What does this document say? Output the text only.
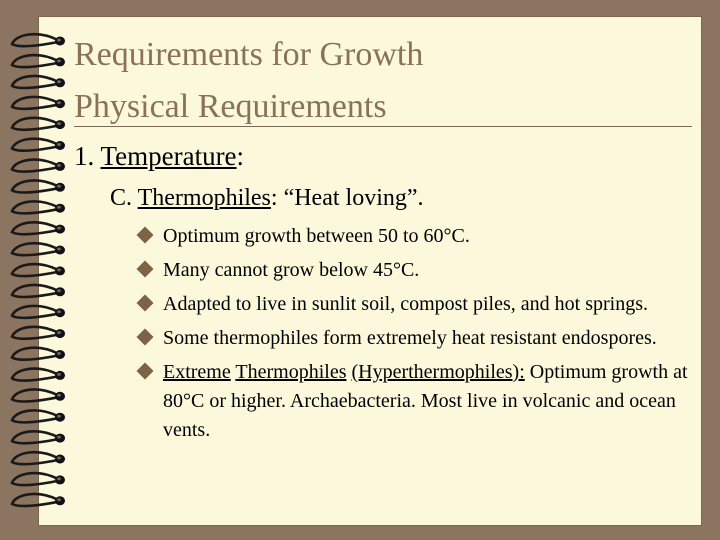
Requirements for Growth
Physical Requirements
1. Temperature:
C. Thermophiles: “Heat loving”.
Optimum growth between 50 to 60°C.
Many cannot grow below 45°C.
Adapted to live in sunlit soil, compost piles, and hot springs.
Some thermophiles form extremely heat resistant endospores.
Extreme Thermophiles (Hyperthermophiles): Optimum growth at 80°C or higher. Archaebacteria. Most live in volcanic and ocean vents.
